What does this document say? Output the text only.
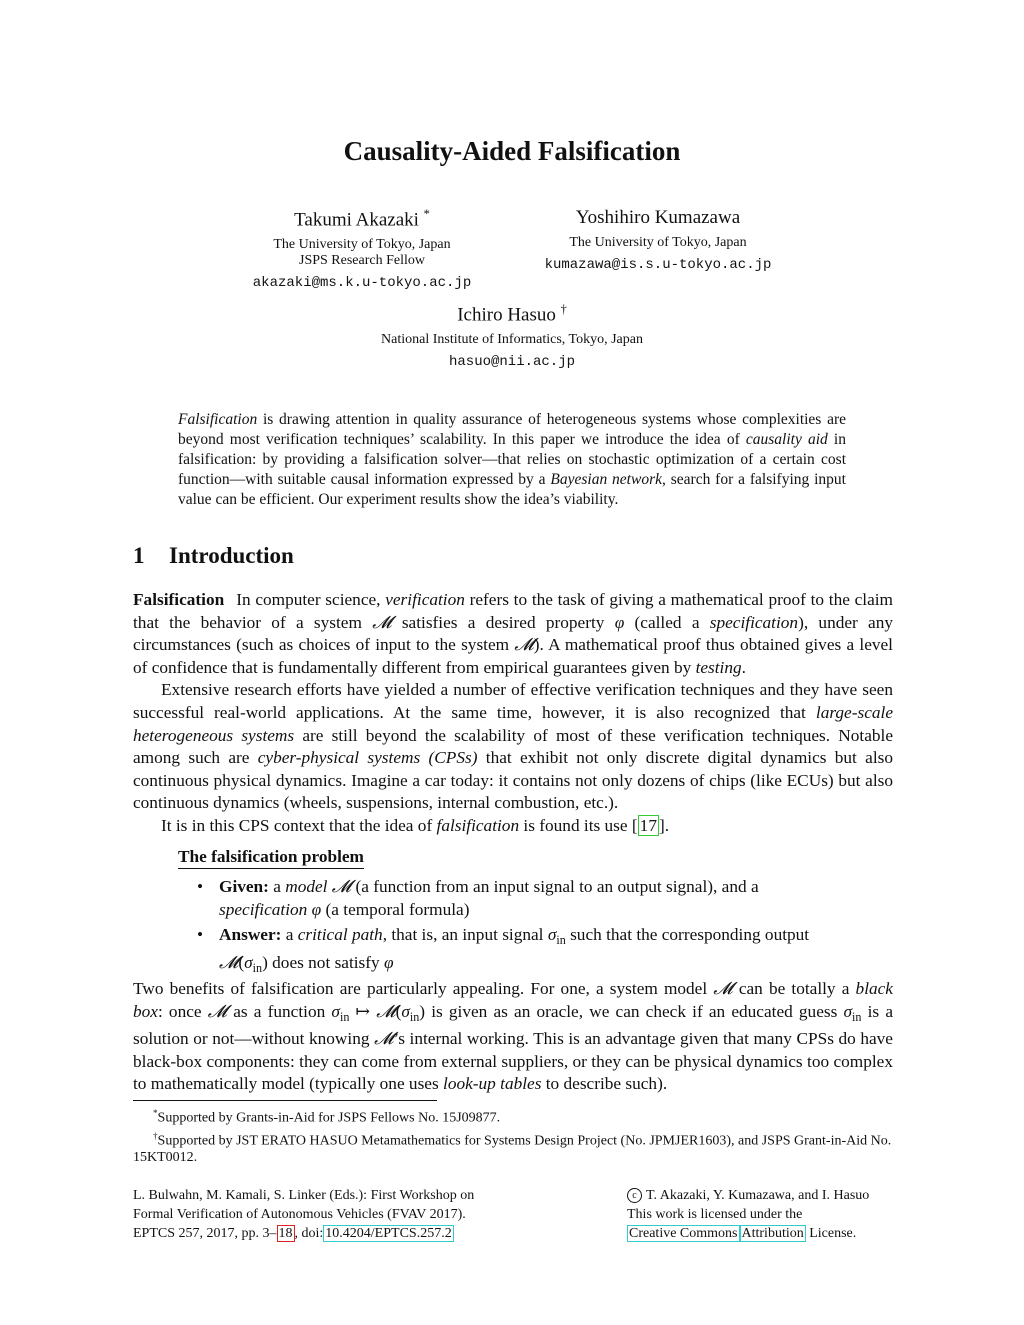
Causality-Aided Falsification
Takumi Akazaki *
The University of Tokyo, Japan
JSPS Research Fellow
akazaki@ms.k.u-tokyo.ac.jp
Yoshihiro Kumazawa
The University of Tokyo, Japan
kumazawa@is.s.u-tokyo.ac.jp
Ichiro Hasuo †
National Institute of Informatics, Tokyo, Japan
hasuo@nii.ac.jp
Falsification is drawing attention in quality assurance of heterogeneous systems whose complexities are beyond most verification techniques’ scalability. In this paper we introduce the idea of causality aid in falsification: by providing a falsification solver—that relies on stochastic optimization of a certain cost function—with suitable causal information expressed by a Bayesian network, search for a falsifying input value can be efficient. Our experiment results show the idea’s viability.
1 Introduction

Falsification In computer science, verification refers to the task of giving a mathematical proof to the claim that the behavior of a system 𝓜 satisfies a desired property φ (called a specification), under any circumstances (such as choices of input to the system 𝓜). A mathematical proof thus obtained gives a level of confidence that is fundamentally different from empirical guarantees given by testing.

Extensive research efforts have yielded a number of effective verification techniques and they have seen successful real-world applications. At the same time, however, it is also recognized that large-scale heterogeneous systems are still beyond the scalability of most of these verification techniques. Notable among such are cyber-physical systems (CPSs) that exhibit not only discrete digital dynamics but also continuous physical dynamics. Imagine a car today: it contains not only dozens of chips (like ECUs) but also continuous dynamics (wheels, suspensions, internal combustion, etc.).

It is in this CPS context that the idea of falsification is found its use [ 17 ].

The falsification problem
• Given: a model 𝓜 (a function from an input signal to an output signal), and a specification φ (a temporal formula)
• Answer: a critical path, that is, an input signal $\sigma_{in}$ such that the corresponding output $𝓜(\sigma_{in})$ does not satisfy φ

Two benefits of falsification are particularly appealing. For one, a system model 𝓜 can be totally a black box: once 𝓜 as a function $\sigma_{in}$ ↦ $𝓜(\sigma_{in})$ is given as an oracle, we can check if an educated guess $\sigma_{in}$ is a solution or not—without knowing 𝓜’s internal working. This is an advantage given that many CPSs do have black-box components: they can come from external suppliers, or they can be physical dynamics too complex to mathematically model (typically one uses look-up tables to describe such).

*Supported by Grants-in-Aid for JSPS Fellows No. 15J09877.

†Supported by JST ERATO HASUO Metamathematics for Systems Design Project (No. JPMJER1603), and JSPS Grant-in-Aid No. 15KT0012.

L. Bulwahn, M. Kamali, S. Linker (Eds.): First Workshop on
Formal Verification of Autonomous Vehicles (FVAV 2017).
EPTCS 257, 2017, pp. 3– 18 , doi: 10.4204/EPTCS.257.2
c T. Akazaki, Y. Kumazawa, and I. Hasuo
This work is licensed under the
Creative Commons Attribution License.
